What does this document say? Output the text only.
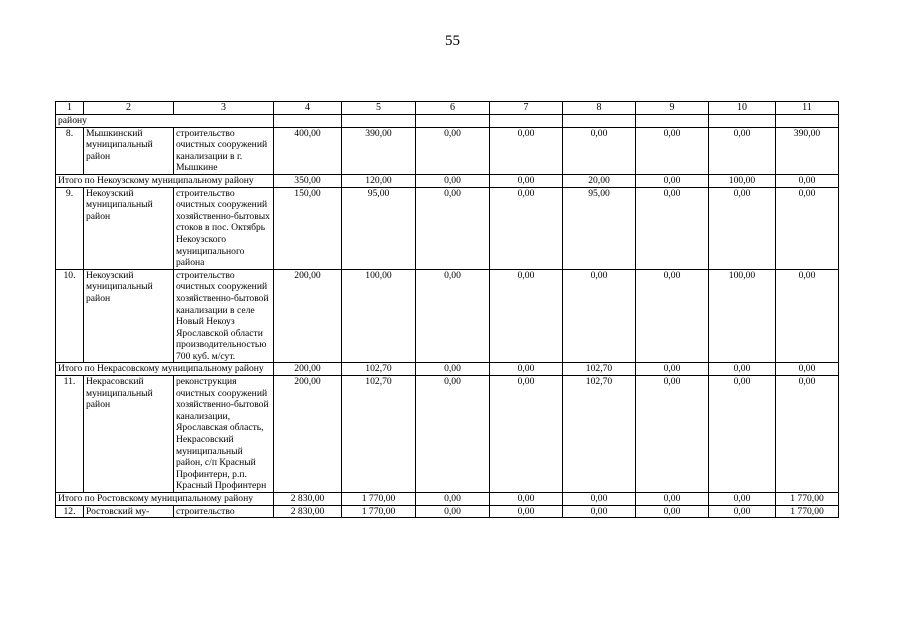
55
1	2	3	4	5	6	7	8	9	10	11
району										
8.	Мышкинский муниципальный район	строительство очистных сооружений канализации в г. Мышкине	400,00	390,00	0,00	0,00	0,00	0,00	0,00	390,00
Итого по Некоузскому муниципальному району			350,00	120,00	0,00	0,00	20,00	0,00	100,00	0,00
9.	Некоузский муниципальный район	строительство очистных сооружений хозяйственно-бытовых стоков в пос. Октябрь Некоузского муниципального района	150,00	95,00	0,00	0,00	95,00	0,00	0,00	0,00
10.	Некоузский муниципальный район	строительство очистных сооружений хозяйственно-бытовой канализации в селе Новый Некоуз Ярославской области производительностью 700 куб. м/сут.	200,00	100,00	0,00	0,00	0,00	0,00	100,00	0,00
Итого по Некрасовскому муниципальному району			200,00	102,70	0,00	0,00	102,70	0,00	0,00	0,00
11.	Некрасовский муниципальный район	реконструкция очистных сооружений хозяйственно-бытовой канализации, Ярославская область, Некрасовский муниципальный район, с/п Красный Профинтерн, р.п. Красный Профинтерн	200,00	102,70	0,00	0,00	102,70	0,00	0,00	0,00
Итого по Ростовскому муниципальному району			2 830,00	1 770,00	0,00	0,00	0,00	0,00	0,00	1 770,00
12.	Ростовский му-	строительство	2 830,00	1 770,00	0,00	0,00	0,00	0,00	0,00	1 770,00
